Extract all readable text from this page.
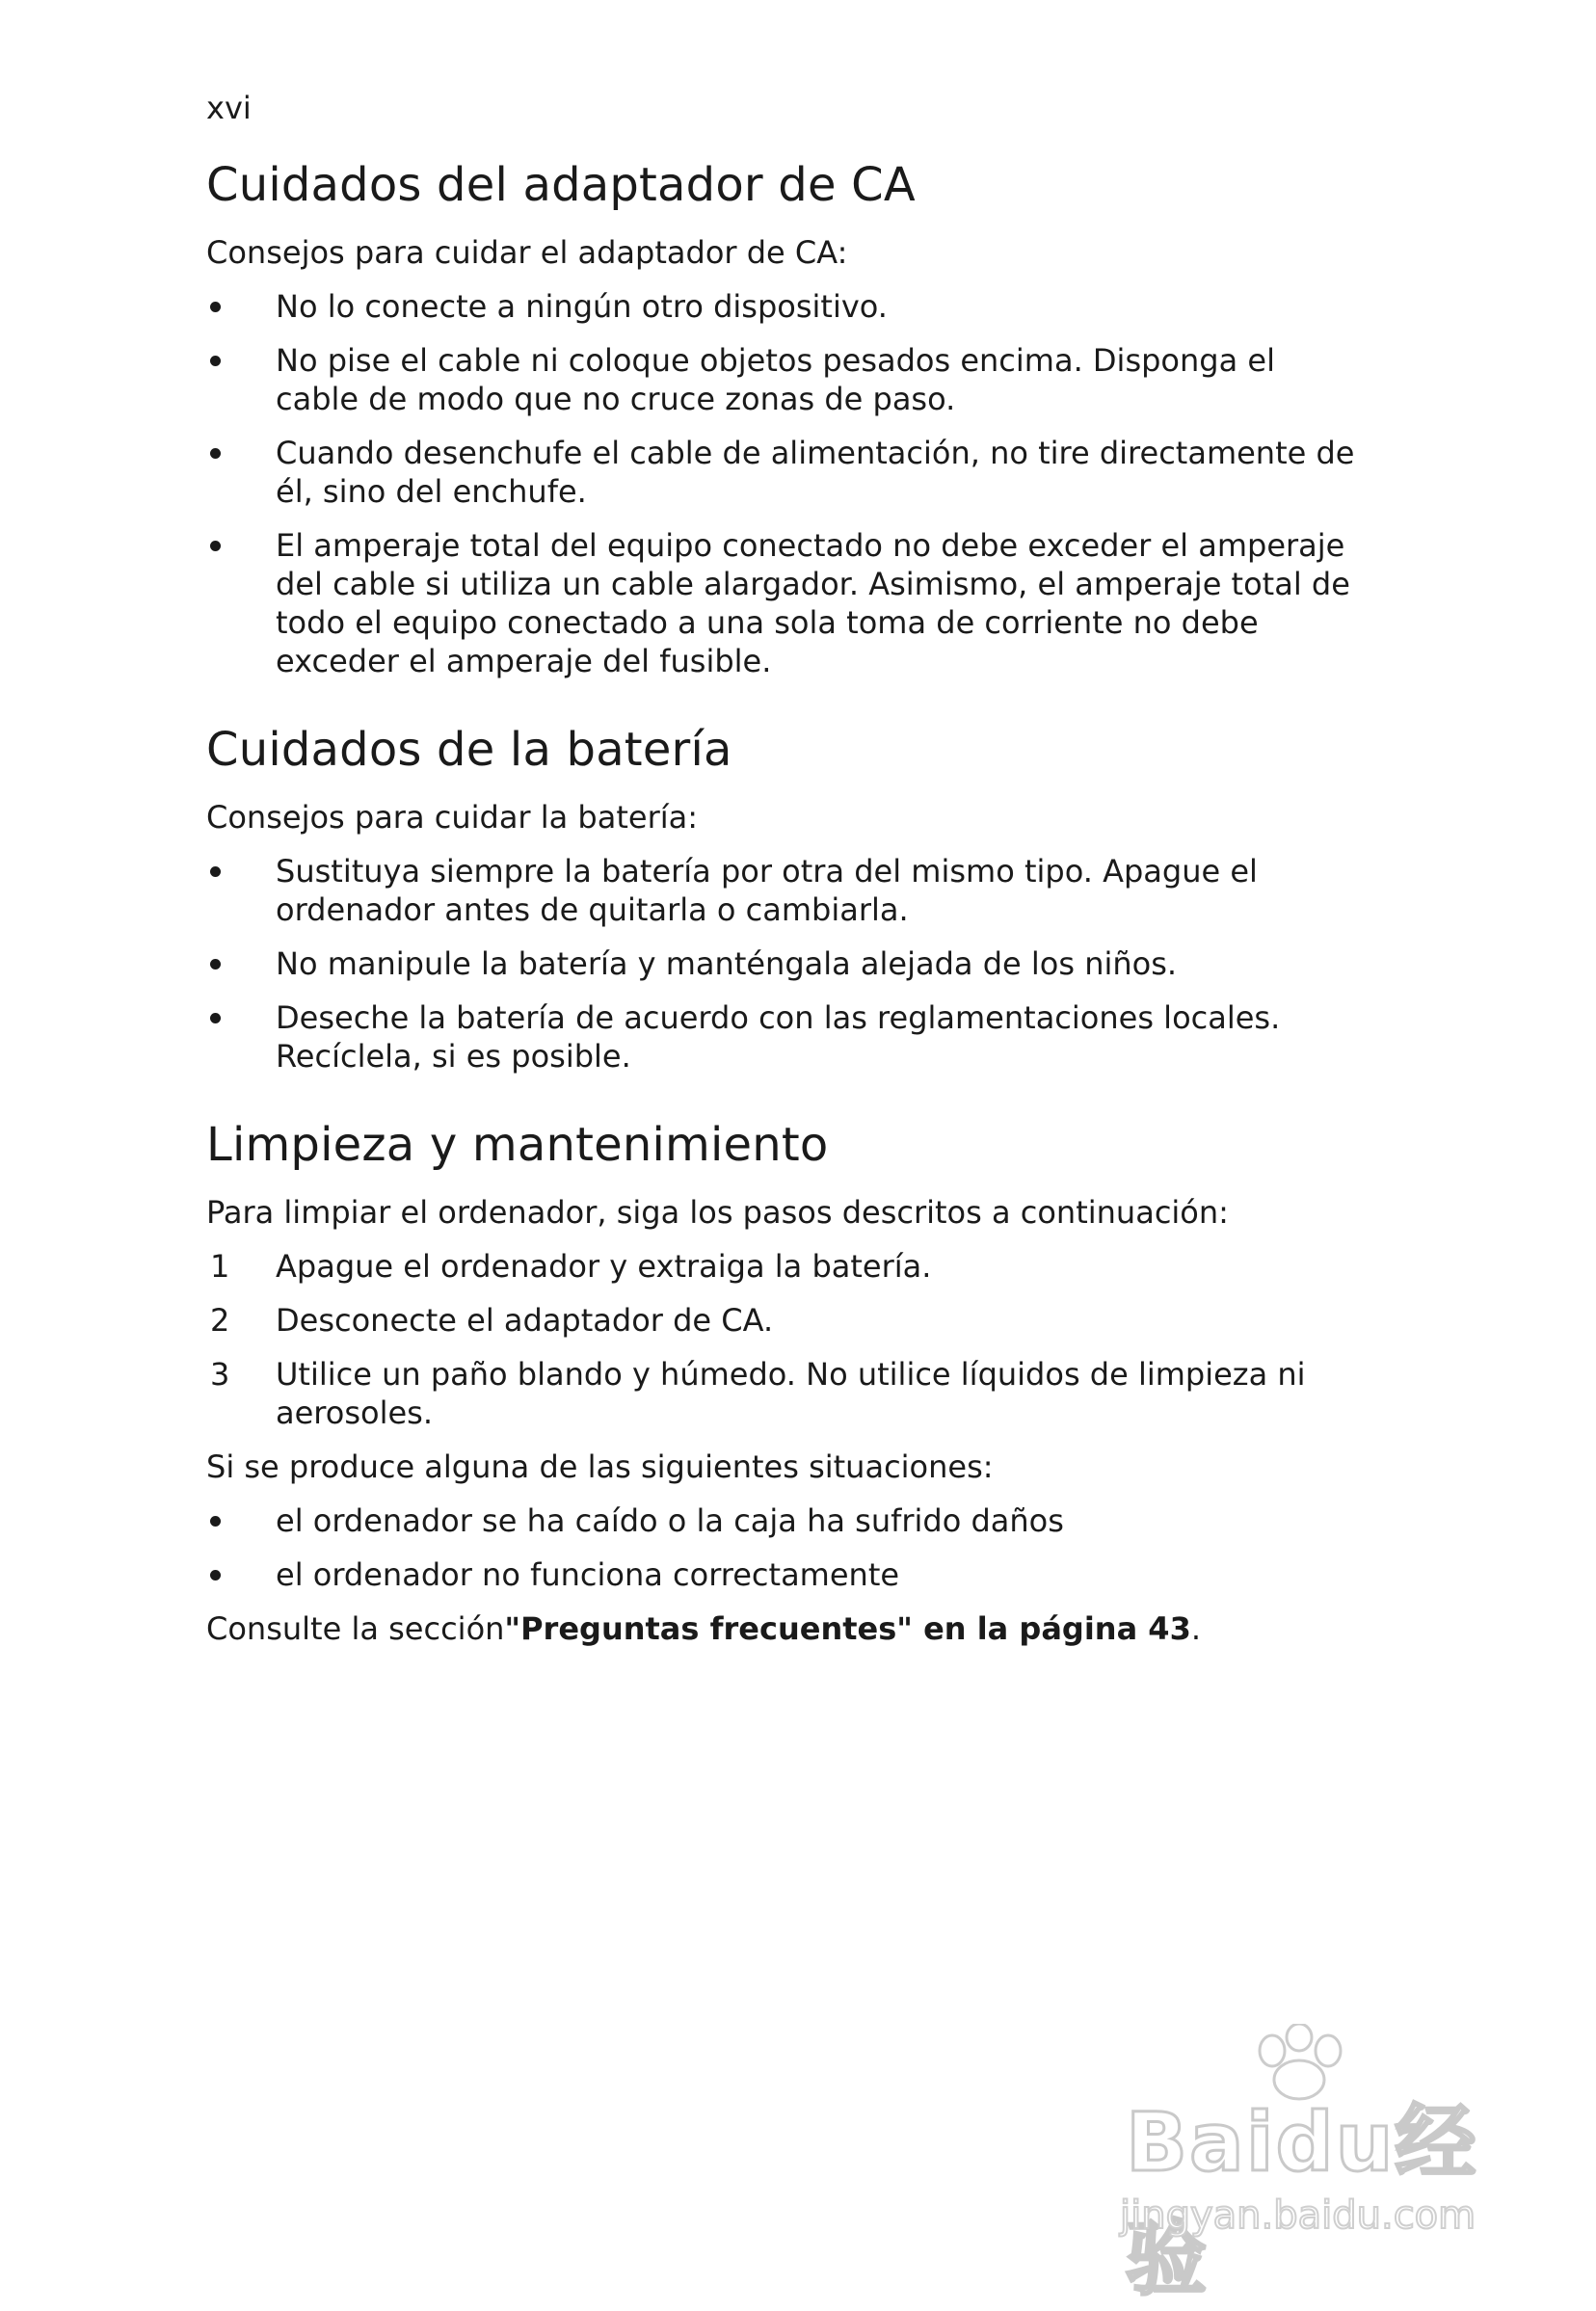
xvi
Cuidados del adaptador de CA

Consejos para cuidar el adaptador de CA:

No lo conecte a ningún otro dispositivo.
No pise el cable ni coloque objetos pesados encima. Disponga el cable de modo que no cruce zonas de paso.
Cuando desenchufe el cable de alimentación, no tire directamente de él, sino del enchufe.
El amperaje total del equipo conectado no debe exceder el amperaje del cable si utiliza un cable alargador. Asimismo, el amperaje total de todo el equipo conectado a una sola toma de corriente no debe exceder el amperaje del fusible.
Cuidados de la batería

Consejos para cuidar la batería:

Sustituya siempre la batería por otra del mismo tipo. Apague el ordenador antes de quitarla o cambiarla.
No manipule la batería y manténgala alejada de los niños.
Deseche la batería de acuerdo con las reglamentaciones locales. Recíclela, si es posible.
Limpieza y mantenimiento

Para limpiar el ordenador, siga los pasos descritos a continuación:

1	Apague el ordenador y extraiga la batería.
2	Desconecte el adaptador de CA.
3	Utilice un paño blando y húmedo. No utilice líquidos de limpieza ni aerosoles.

Si se produce alguna de las siguientes situaciones:

el ordenador se ha caído o la caja ha sufrido daños
el ordenador no funciona correctamente

Consulte la sección"Preguntas frecuentes" en la página 43.

Baidu经验
jingyan.baidu.com
